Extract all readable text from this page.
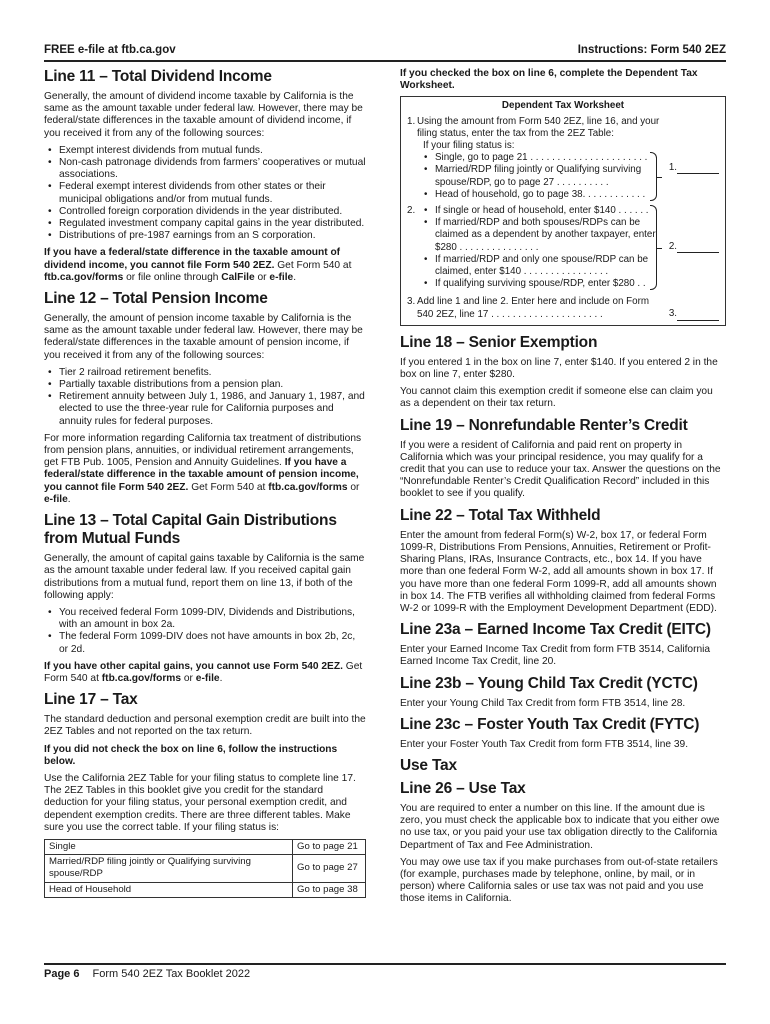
FREE e-file at ftb.ca.gov	Instructions: Form 540 2EZ
Line 11 – Total Dividend Income

Generally, the amount of dividend income taxable by California is the same as the amount taxable under federal law. However, there may be federal/state differences in the taxable amount of dividend income, if you received it from any of the following sources:

• Exempt interest dividends from mutual funds.
• Non-cash patronage dividends from farmers’ cooperatives or mutual associations.
• Federal exempt interest dividends from other states or their municipal obligations and/or from mutual funds.
• Controlled foreign corporation dividends in the year distributed.
• Regulated investment company capital gains in the year distributed.
• Distributions of pre-1987 earnings from an S corporation.

If you have a federal/state difference in the taxable amount of dividend income, you cannot file Form 540 2EZ. Get Form 540 at ftb.ca.gov/forms or file online through CalFile or e-file.

Line 12 – Total Pension Income

Generally, the amount of pension income taxable by California is the same as the amount taxable under federal law. However, there may be federal/state differences in the taxable amount of pension income, if you received it from any of the following sources:

• Tier 2 railroad retirement benefits.
• Partially taxable distributions from a pension plan.
• Retirement annuity between July 1, 1986, and January 1, 1987, and elected to use the three-year rule for California purposes and annuity rules for federal purposes.

For more information regarding California tax treatment of distributions from pension plans, annuities, or individual retirement arrangements, get FTB Pub. 1005, Pension and Annuity Guidelines. If you have a federal/state difference in the taxable amount of pension income, you cannot file Form 540 2EZ. Get Form 540 at ftb.ca.gov/forms or e-file.

Line 13 – Total Capital Gain Distributions from Mutual Funds

Generally, the amount of capital gains taxable by California is the same as the amount taxable under federal law. If you received capital gain distributions from a mutual fund, report them on line 13, if both of the following apply:

• You received federal Form 1099-DIV, Dividends and Distributions, with an amount in box 2a.
• The federal Form 1099-DIV does not have amounts in box 2b, 2c, or 2d.

If you have other capital gains, you cannot use Form 540 2EZ. Get Form 540 at ftb.ca.gov/forms or e-file.

Line 17 – Tax

The standard deduction and personal exemption credit are built into the 2EZ Tables and not reported on the tax return.

If you did not check the box on line 6, follow the instructions below.

Use the California 2EZ Table for your filing status to complete line 17. The 2EZ Tables in this booklet give you credit for the standard deduction for your filing status, your personal exemption credit, and dependent exemption credits. There are three different tables. Make sure you use the correct table. If your filing status is:

Single	Go to page 21
Married/RDP filing jointly or Qualifying surviving spouse/RDP	Go to page 27
Head of Household	Go to page 38

If you checked the box on line 6, complete the Dependent Tax Worksheet.

Dependent Tax Worksheet
1. Using the amount from Form 540 2EZ, line 16, and your filing status, enter the tax from the 2EZ Table:
If your filing status is:
• Single, go to page 21 . . . . . . . . . . . . . . . . . . . . . .
• Married/RDP filing jointly or Qualifying surviving spouse/RDP, go to page 27 . . . . . . . . . .
• Head of household, go to page 38. . . . . . . . . . . .
1.
2. • If single or head of household, enter $140 . . . . . .
• If married/RDP and both spouses/RDPs can be claimed as a dependent by another taxpayer, enter $280 . . . . . . . . . . . . . . .
• If married/RDP and only one spouse/RDP can be claimed, enter $140 . . . . . . . . . . . . . . . .
• If qualifying surviving spouse/RDP, enter $280 . .
2.
3. Add line 1 and line 2. Enter here and include on Form 540 2EZ, line 17 . . . . . . . . . . . . . . . . . . . . .	3.
Line 18 – Senior Exemption

If you entered 1 in the box on line 7, enter $140. If you entered 2 in the box on line 7, enter $280.

You cannot claim this exemption credit if someone else can claim you as a dependent on their tax return.

Line 19 – Nonrefundable Renter’s Credit

If you were a resident of California and paid rent on property in California which was your principal residence, you may qualify for a credit that you can use to reduce your tax. Answer the questions on the “Nonrefundable Renter’s Credit Qualification Record” included in this booklet to see if you qualify.

Line 22 – Total Tax Withheld

Enter the amount from federal Form(s) W-2, box 17, or federal Form 1099-R, Distributions From Pensions, Annuities, Retirement or Profit-Sharing Plans, IRAs, Insurance Contracts, etc., box 14. If you have more than one federal Form W-2, add all amounts shown in box 17. If you have more than one federal Form 1099-R, add all amounts shown in box 14. The FTB verifies all withholding claimed from federal Forms W-2 or 1099-R with the Employment Development Department (EDD).

Line 23a – Earned Income Tax Credit (EITC)

Enter your Earned Income Tax Credit from form FTB 3514, California Earned Income Tax Credit, line 20.

Line 23b – Young Child Tax Credit (YCTC)

Enter your Young Child Tax Credit from form FTB 3514, line 28.

Line 23c – Foster Youth Tax Credit (FYTC)

Enter your Foster Youth Tax Credit from form FTB 3514, line 39.

Use Tax
Line 26 – Use Tax

You are required to enter a number on this line. If the amount due is zero, you must check the applicable box to indicate that you either owe no use tax, or you paid your use tax obligation directly to the California Department of Tax and Fee Administration.

You may owe use tax if you make purchases from out-of-state retailers (for example, purchases made by telephone, online, by mail, or in person) where California sales or use tax was not paid and you use those items in California.

Page 6 Form 540 2EZ Tax Booklet 2022
